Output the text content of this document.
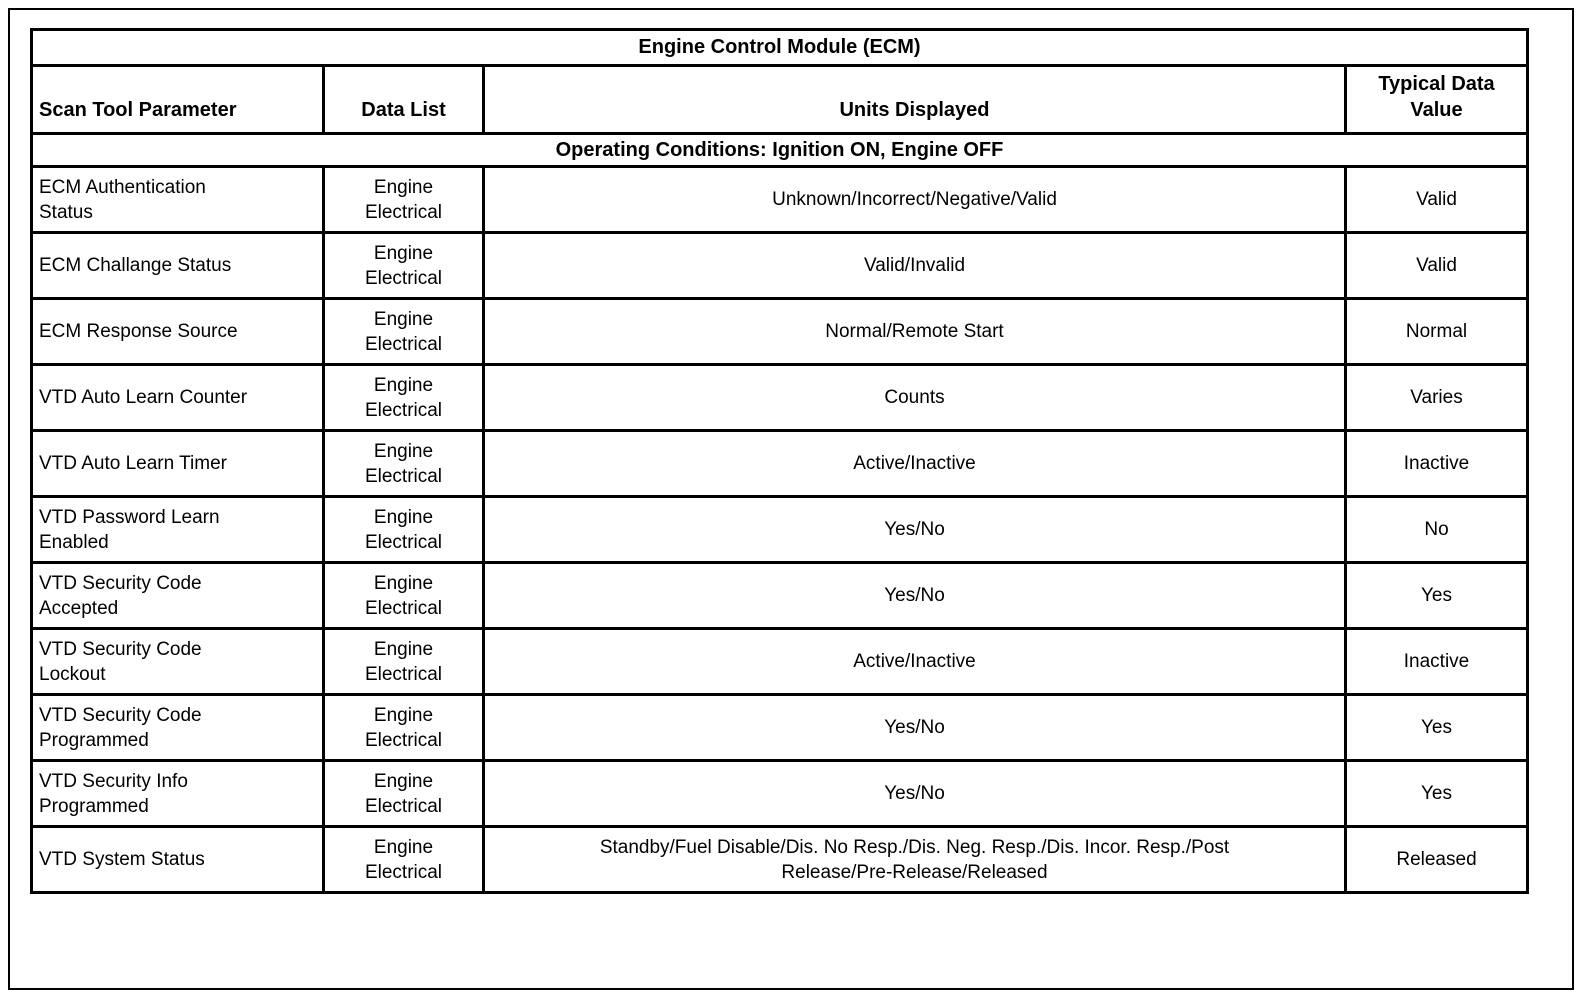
Engine Control Module (ECM)			
Scan Tool Parameter	Data List	Units Displayed	Typical Data Value
Operating Conditions: Ignition ON, Engine OFF			
ECM Authentication Status	Engine Electrical	Unknown/Incorrect/Negative/Valid	Valid
ECM Challange Status	Engine Electrical	Valid/Invalid	Valid
ECM Response Source	Engine Electrical	Normal/Remote Start	Normal
VTD Auto Learn Counter	Engine Electrical	Counts	Varies
VTD Auto Learn Timer	Engine Electrical	Active/Inactive	Inactive
VTD Password Learn Enabled	Engine Electrical	Yes/No	No
VTD Security Code Accepted	Engine Electrical	Yes/No	Yes
VTD Security Code Lockout	Engine Electrical	Active/Inactive	Inactive
VTD Security Code Programmed	Engine Electrical	Yes/No	Yes
VTD Security Info Programmed	Engine Electrical	Yes/No	Yes
VTD System Status	Engine Electrical	Standby/Fuel Disable/Dis. No Resp./Dis. Neg. Resp./Dis. Incor. Resp./Post Release/Pre-Release/Released	Released
